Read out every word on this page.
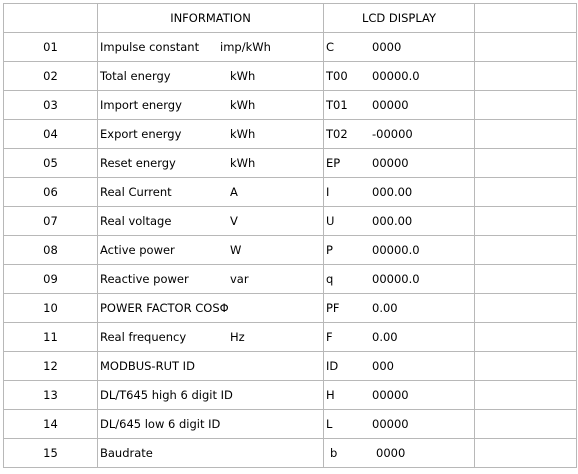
	INFORMATION	LCD DISPLAY	
01	Impulse constant imp/kWh	C 0000	
02	Total energy kWh	T00 00000.0	
03	Import energy kWh	T01 00000	
04	Export energy kWh	T02 -00000	
05	Reset energy kWh	EP 00000	
06	Real Current A	I 000.00	
07	Real voltage V	U 000.00	
08	Active power W	P 00000.0	
09	Reactive power var	q 00000.0	
10	POWER FACTOR COSΦ	PF 0.00	
11	Real frequency Hz	F 0.00	
12	MODBUS-RUT ID	ID 000	
13	DL/T645 high 6 digit ID	H 00000	
14	DL/645 low 6 digit ID	L 00000	
15	Baudrate	b 0000	
